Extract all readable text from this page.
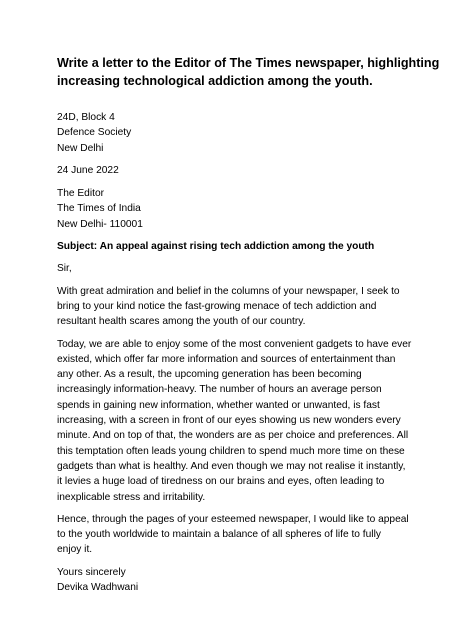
Write a letter to the Editor of The Times newspaper, highlighting
increasing technological addiction among the youth.
24D, Block 4
Defence Society
New Delhi
24 June 2022
The Editor
The Times of India
New Delhi- 110001
Subject: An appeal against rising tech addiction among the youth
Sir,
With great admiration and belief in the columns of your newspaper, I seek to
bring to your kind notice the fast-growing menace of tech addiction and
resultant health scares among the youth of our country.
Today, we are able to enjoy some of the most convenient gadgets to have ever
existed, which offer far more information and sources of entertainment than
any other. As a result, the upcoming generation has been becoming
increasingly information-heavy. The number of hours an average person
spends in gaining new information, whether wanted or unwanted, is fast
increasing, with a screen in front of our eyes showing us new wonders every
minute. And on top of that, the wonders are as per choice and preferences. All
this temptation often leads young children to spend much more time on these
gadgets than what is healthy. And even though we may not realise it instantly,
it levies a huge load of tiredness on our brains and eyes, often leading to
inexplicable stress and irritability.
Hence, through the pages of your esteemed newspaper, I would like to appeal
to the youth worldwide to maintain a balance of all spheres of life to fully
enjoy it.
Yours sincerely
Devika Wadhwani
